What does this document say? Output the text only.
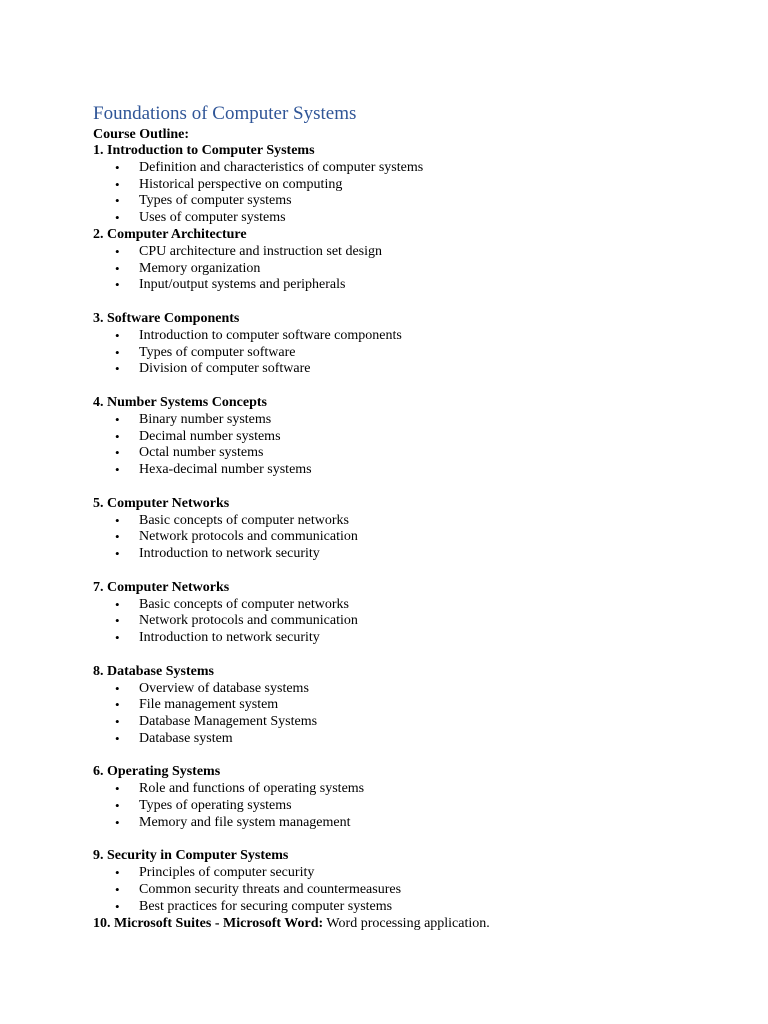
Foundations of Computer Systems

Course Outline:

1. Introduction to Computer Systems

• Definition and characteristics of computer systems
• Historical perspective on computing
• Types of computer systems
• Uses of computer systems

2. Computer Architecture

• CPU architecture and instruction set design
• Memory organization
• Input/output systems and peripherals

3. Software Components

• Introduction to computer software components
• Types of computer software
• Division of computer software

4. Number Systems Concepts

• Binary number systems
• Decimal number systems
• Octal number systems
• Hexa-decimal number systems

5. Computer Networks

• Basic concepts of computer networks
• Network protocols and communication
• Introduction to network security

7. Computer Networks

• Basic concepts of computer networks
• Network protocols and communication
• Introduction to network security

8. Database Systems

• Overview of database systems
• File management system
• Database Management Systems
• Database system

6. Operating Systems

• Role and functions of operating systems
• Types of operating systems
• Memory and file system management

9. Security in Computer Systems

• Principles of computer security
• Common security threats and countermeasures
• Best practices for securing computer systems

10. Microsoft Suites - Microsoft Word: Word processing application.
